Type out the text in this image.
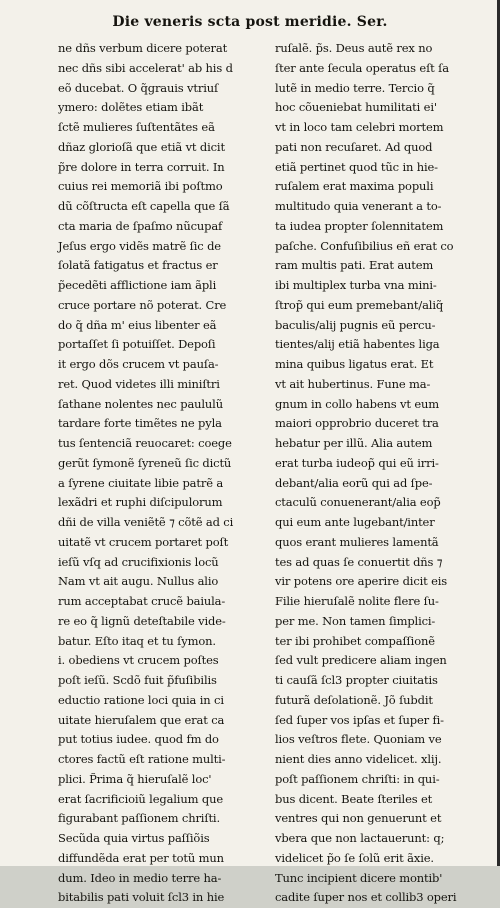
Die veneris scta post meridie. Ser.
ne dñs verbum dicere poterat
nec dñs sibi accelerat' ab his d
eõ ducebat. O q̃grauis vtriuſ
ymero: dolẽtes etiam ibãt
ſctẽ mulieres ſuſtentãtes eã
dñaz glorioſã que etiã vt dicit
p̃re dolore in terra corruit. In
cuius rei memoriã ibi poſtmo
dũ cõſtructa eſt capella que ſã
cta maria de ſpaſmo nũcupaf
Jeſus ergo vidẽs matrẽ ſic de
ſolatã fatigatus et fractus er
p̃ecedẽti afflictione iam ãpli
cruce portare nõ poterat. Cre
do q̃ dña m' eius libenter eã
portaſſet ſi potuiſſet. Depoſi
it ergo dõs crucem vt pauſa-
ret. Quod videtes illi miniſtri
ſathane nolentes nec paululũ
tardare forte timẽtes ne pyla
tus ſentenciã reuocaret: coege
gerũt ſymonẽ ſyreneũ ſic dictũ
a ſyrene ciuitate libie patrẽ a
lexãdri et ruphi diſcipulorum
dñi de villa veniẽtẽ ⁊ cõtẽ ad ci
uitatẽ vt crucem portaret poſt
ieſũ vſq ad crucifixionis locũ
Nam vt ait augu. Nullus alio
rum acceptabat crucẽ baiula-
re eo q̃ lignũ deteſtabile vide-
batur. Eſto itaq et tu ſymon.
i. obediens vt crucem poſtes
poſt ieſũ. Scdõ fuit p̃fuſibilis
eductio ratione loci quia in ci
uitate hieruſalem que erat ca
put totius iudee. quod fm do
ctores factũ eſt ratione multi-
plici. P̃rima q̃ hieruſalẽ loc'
erat ſacrificioiũ legalium que
figurabant paſſionem chriſti.
Secũda quia virtus paſſiõis
diffundẽda erat per totũ mun
dum. Ideo in medio terre ha-
bitabilis pati voluit ſcl3 in hie
ruſalẽ. p̃s. Deus autẽ rex no
ſter ante ſecula operatus eſt ſa
lutẽ in medio terre. Tercio q̃
hoc cõueniebat humilitati ei'
vt in loco tam celebri mortem
pati non recuſaret. Ad quod
etiã pertinet quod tũc in hie-
ruſalem erat maxima populi
multitudo quia venerant a to-
ta iudea propter ſolennitatem
paſche. Confuſibilius eñ erat co
ram multis pati. Erat autem
ibi multiplex turba vna mini-
ſtrop̃ qui eum premebant/aliq̃
baculis/alij pugnis eũ percu-
tientes/alij etiã habentes liga
mina quibus ligatus erat. Et
vt ait hubertinus. Fune ma-
gnum in collo habens vt eum
maiori opprobrio duceret tra
hebatur per illũ. Alia autem
erat turba iudeop̃ qui eũ irri-
debant/alia eorũ qui ad ſpe-
ctaculũ conuenerant/alia eop̃
qui eum ante lugebant/inter
quos erant mulieres lamentã
tes ad quas ſe conuertit dñs ⁊
vir potens ore aperire dicit eis
Filie hieruſalẽ nolite flere ſu-
per me. Non tamen ſimplici-
ter ibi prohibet compaſſionẽ
ſed vult predicere aliam ingen
ti cauſã ſcl3 propter ciuitatis
futurã deſolationẽ. Jõ ſubdit
ſed ſuper vos ipſas et ſuper fi-
lios veſtros flete. Quoniam ve
nient dies anno videlicet. xlij.
poſt paſſionem chriſti: in qui-
bus dicent. Beate ſteriles et
ventres qui non genuerunt et
vbera que non lactauerunt: q;
videlicet p̃o ſe ſolũ erit ãxie.
Tunc incipient dicere montib'
cadite ſuper nos et collib3 operi
